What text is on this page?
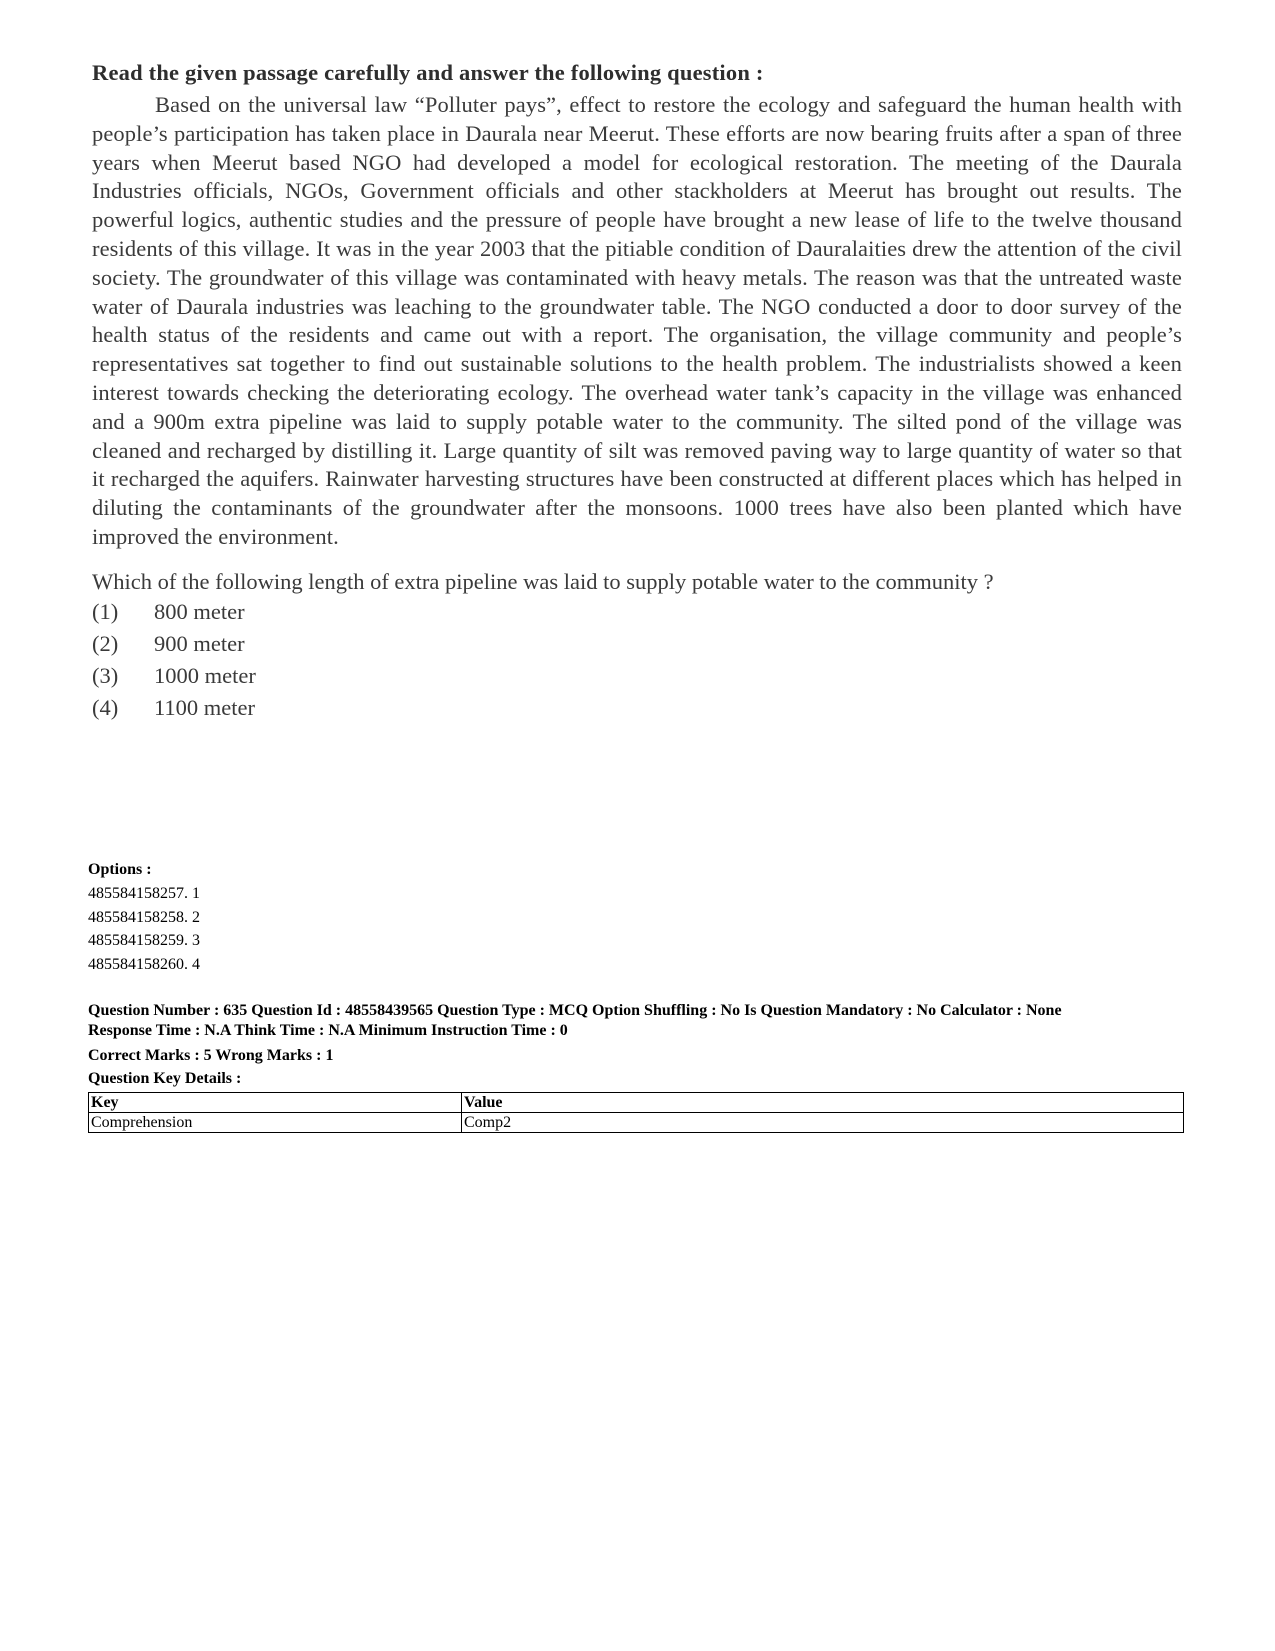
Read the given passage carefully and answer the following question :

Based on the universal law “Polluter pays”, effect to restore the ecology and safeguard the human health with people’s participation has taken place in Daurala near Meerut. These efforts are now bearing fruits after a span of three years when Meerut based NGO had developed a model for ecological restoration. The meeting of the Daurala Industries officials, NGOs, Government officials and other stackholders at Meerut has brought out results. The powerful logics, authentic studies and the pressure of people have brought a new lease of life to the twelve thousand residents of this village. It was in the year 2003 that the pitiable condition of Dauralaities drew the attention of the civil society. The groundwater of this village was contaminated with heavy metals. The reason was that the untreated waste water of Daurala industries was leaching to the groundwater table. The NGO conducted a door to door survey of the health status of the residents and came out with a report. The organisation, the village community and people’s representatives sat together to find out sustainable solutions to the health problem. The industrialists showed a keen interest towards checking the deteriorating ecology. The overhead water tank’s capacity in the village was enhanced and a 900m extra pipeline was laid to supply potable water to the community. The silted pond of the village was cleaned and recharged by distilling it. Large quantity of silt was removed paving way to large quantity of water so that it recharged the aquifers. Rainwater harvesting structures have been constructed at different places which has helped in diluting the contaminants of the groundwater after the monsoons. 1000 trees have also been planted which have improved the environment.

Which of the following length of extra pipeline was laid to supply potable water to the community ?
(1) 800 meter
(2) 900 meter
(3) 1000 meter
(4) 1100 meter
Options :
485584158257. 1
485584158258. 2
485584158259. 3
485584158260. 4
Question Number : 635 Question Id : 48558439565 Question Type : MCQ Option Shuffling : No Is Question Mandatory : No Calculator : None
Response Time : N.A Think Time : N.A Minimum Instruction Time : 0
Correct Marks : 5 Wrong Marks : 1
Question Key Details :
Key	Value
Comprehension	Comp2
